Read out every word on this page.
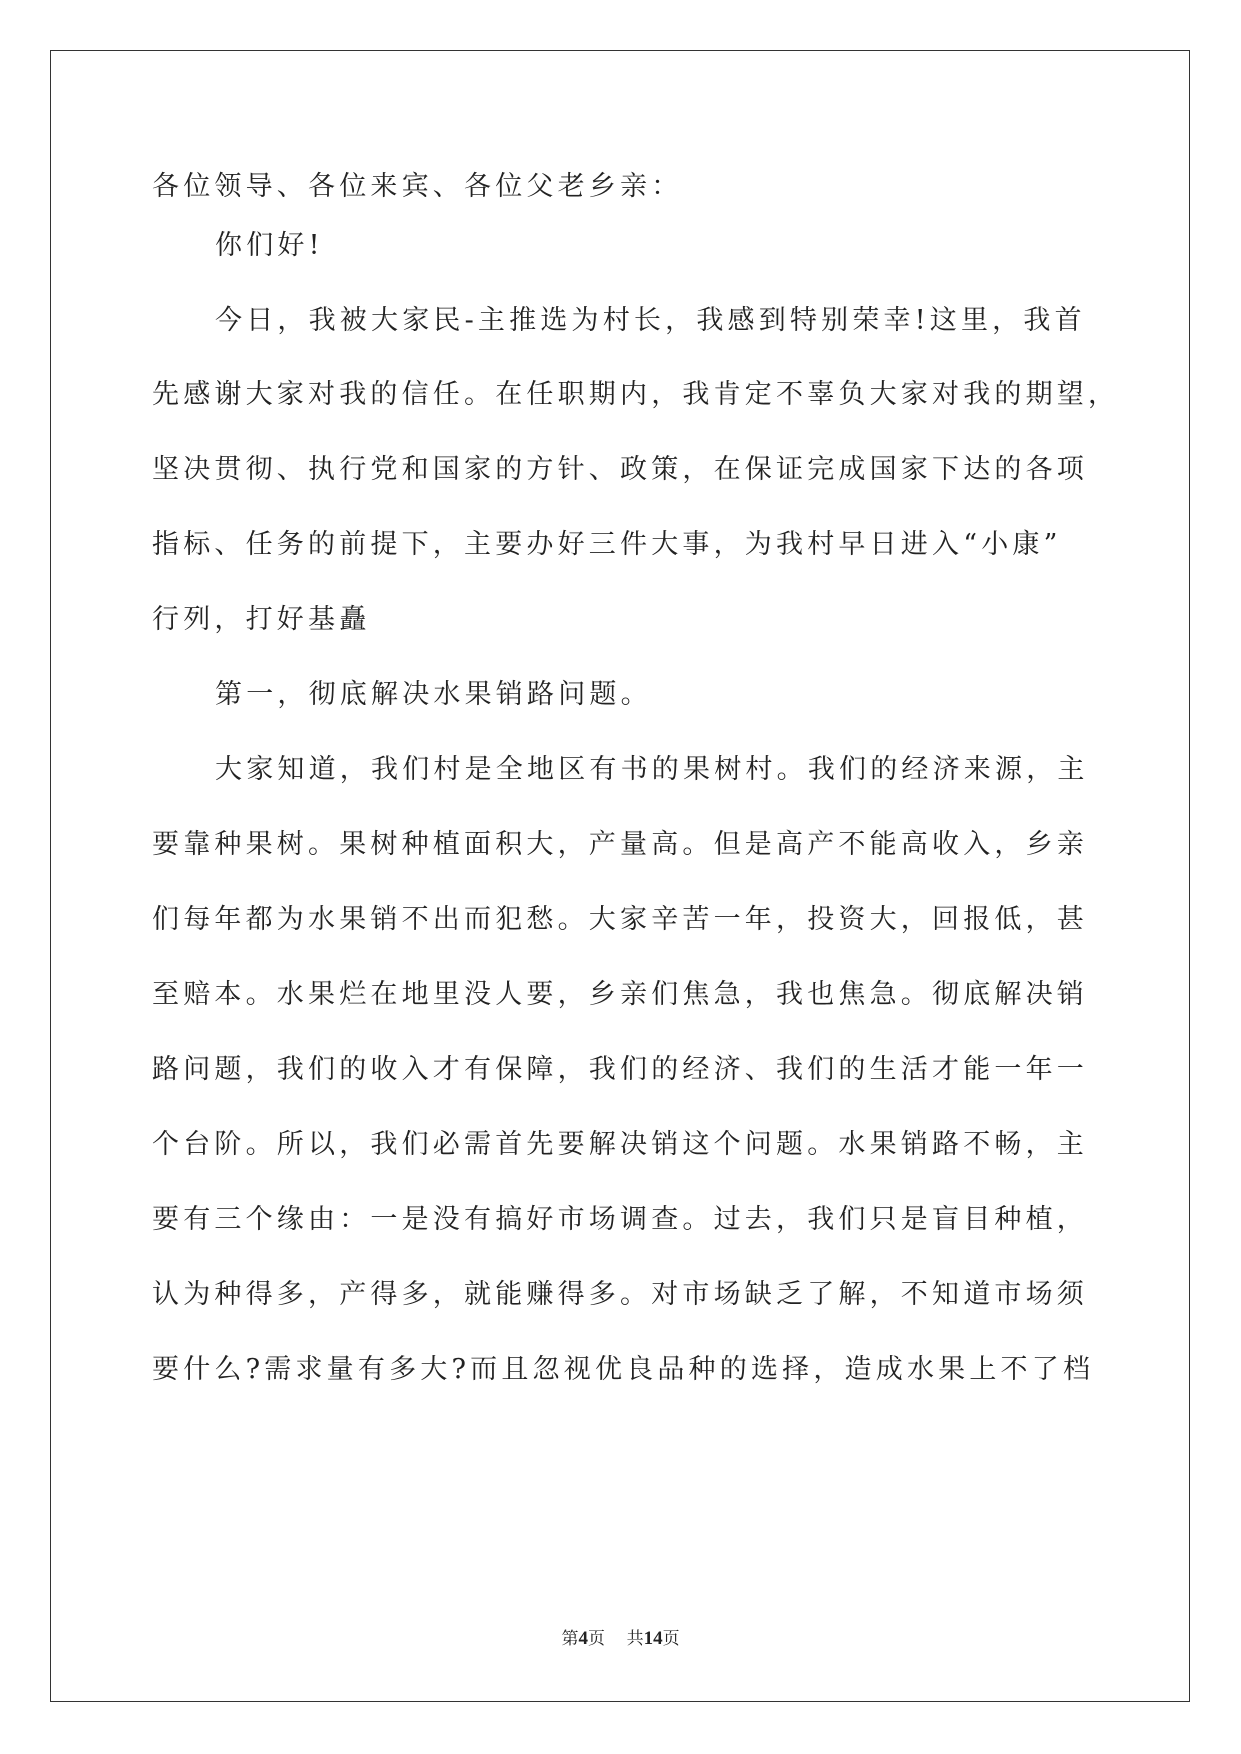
各位领导、各位来宾、各位父老乡亲：
你们好!
今日，我被大家民-主推选为村长，我感到特别荣幸!这里，我首
先感谢大家对我的信任。在任职期内，我肯定不辜负大家对我的期望，
坚决贯彻、执行党和国家的方针、政策，在保证完成国家下达的各项
指标、任务的前提下，主要办好三件大事，为我村早日进入“小康”
行列，打好基矗
第一，彻底解决水果销路问题。
大家知道，我们村是全地区有书的果树村。我们的经济来源，主
要靠种果树。果树种植面积大，产量高。但是高产不能高收入，乡亲
们每年都为水果销不出而犯愁。大家辛苦一年，投资大，回报低，甚
至赔本。水果烂在地里没人要，乡亲们焦急，我也焦急。彻底解决销
路问题，我们的收入才有保障，我们的经济、我们的生活才能一年一
个台阶。所以，我们必需首先要解决销这个问题。水果销路不畅，主
要有三个缘由：一是没有搞好市场调查。过去，我们只是盲目种植，
认为种得多，产得多，就能赚得多。对市场缺乏了解，不知道市场须
要什么?需求量有多大?而且忽视优良品种的选择，造成水果上不了档
第4页 共14页
